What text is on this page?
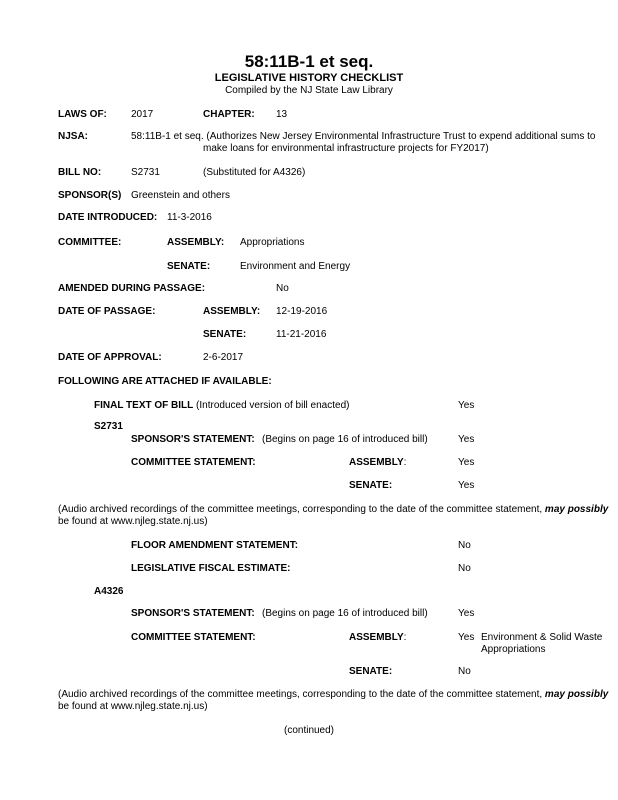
58:11B-1 et seq.
LEGISLATIVE HISTORY CHECKLIST
Compiled by the NJ State Law Library
LAWS OF: 2017	CHAPTER: 13
NJSA:	58:11B-1 et seq. (Authorizes New Jersey Environmental Infrastructure Trust to expend additional sums to
make loans for environmental infrastructure projects for FY2017)
BILL NO:	S2731	(Substituted for A4326)
SPONSOR(S) Greenstein and others
DATE INTRODUCED: 11-3-2016
COMMITTEE:	ASSEMBLY: Appropriations
SENATE:	Environment and Energy
AMENDED DURING PASSAGE:	No
DATE OF PASSAGE:	ASSEMBLY: 12-19-2016
SENATE:	11-21-2016
DATE OF APPROVAL:	2-6-2017
FOLLOWING ARE ATTACHED IF AVAILABLE:
FINAL TEXT OF BILL (Introduced version of bill enacted)	Yes
S2731
SPONSOR'S STATEMENT: (Begins on page 16 of introduced bill)	Yes
COMMITTEE STATEMENT:	ASSEMBLY:	Yes
SENATE:	Yes
(Audio archived recordings of the committee meetings, corresponding to the date of the committee statement, may possibly
be found at www.njleg.state.nj.us)
FLOOR AMENDMENT STATEMENT:	No
LEGISLATIVE FISCAL ESTIMATE:	No
A4326
SPONSOR'S STATEMENT: (Begins on page 16 of introduced bill)	Yes
COMMITTEE STATEMENT:	ASSEMBLY:	Yes Environment & Solid Waste
Appropriations
SENATE:	No
(Audio archived recordings of the committee meetings, corresponding to the date of the committee statement, may possibly
be found at www.njleg.state.nj.us)
(continued)
